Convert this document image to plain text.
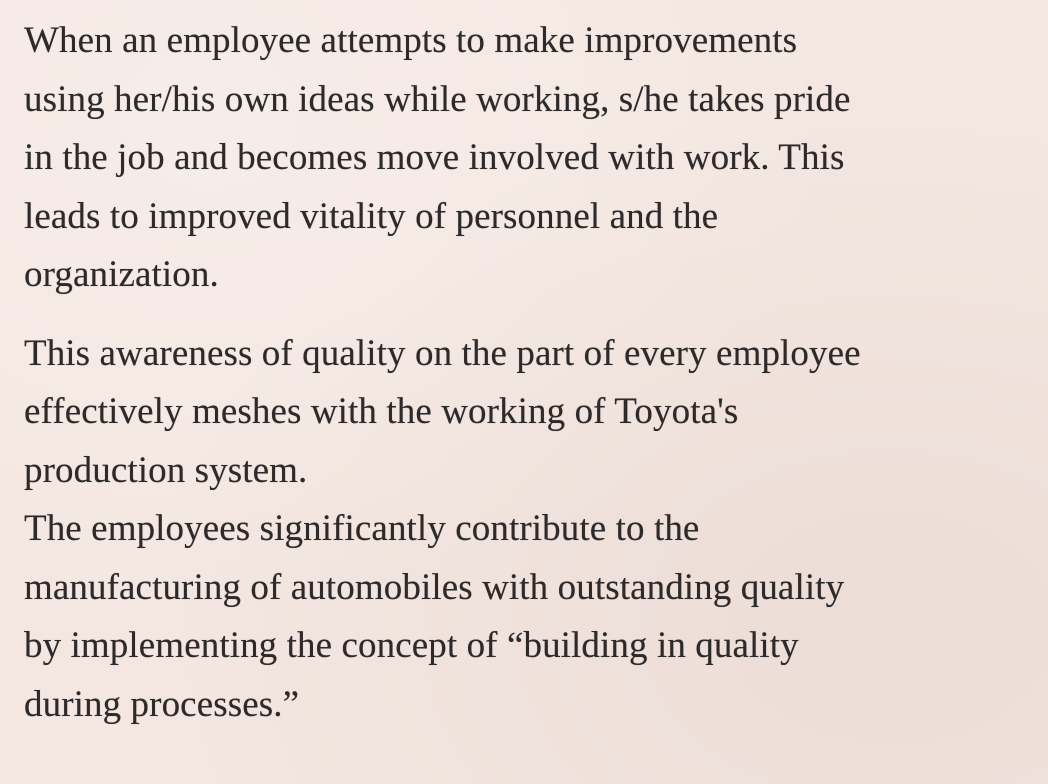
When an employee attempts to make improvements
using her/his own ideas while working, s/he takes pride
in the job and becomes move involved with work. This
leads to improved vitality of personnel and the
organization.
This awareness of quality on the part of every employee
effectively meshes with the working of Toyota's
production system.
The employees significantly contribute to the
manufacturing of automobiles with outstanding quality
by implementing the concept of “building in quality
during processes.”
